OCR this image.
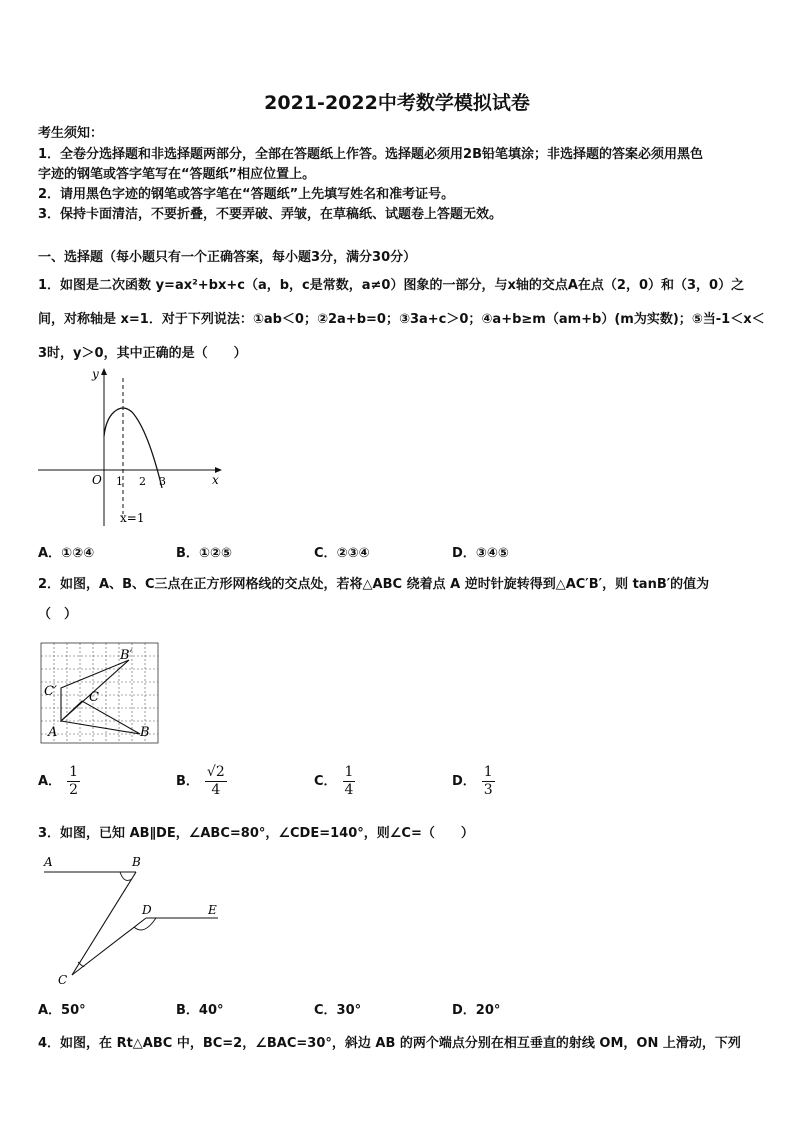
2021-2022中考数学模拟试卷
考生须知：
1．全卷分选择题和非选择题两部分，全部在答题纸上作答。选择题必须用2B铅笔填涂；非选择题的答案必须用黑色
字迹的钢笔或答字笔写在“答题纸”相应位置上。
2．请用黑色字迹的钢笔或答字笔在“答题纸”上先填写姓名和准考证号。
3．保持卡面清洁，不要折叠，不要弄破、弄皱，在草稿纸、试题卷上答题无效。
一、选择题（每小题只有一个正确答案，每小题3分，满分30分）
1．如图是二次函数 y=ax²+bx+c（a，b，c是常数，a≠0）图象的一部分，与x轴的交点A在点（2，0）和（3，0）之
间，对称轴是 x=1．对于下列说法：①ab＜0；②2a+b=0；③3a+c＞0；④a+b≥m（am+b）(m为实数)；⑤当-1＜x＜
3时，y＞0，其中正确的是（　　）
y
x
O 1 2 3
x=1
A．①②④	B．①②⑤	C．②③④	D．③④⑤
2．如图，A、B、C三点在正方形网格线的交点处，若将△ABC 绕着点 A 逆时针旋转得到△AC′B′，则 tanB′的值为
（　）
B′
C′ C
A	B
A． $\frac{1}{2}$	B． $\frac{√2}{4}$	C． $\frac{1}{4}$	D． $\frac{1}{3}$
3．如图，已知 AB∥DE，∠ABC=80°，∠CDE=140°，则∠C=（　　）
A	B
C
D	E
A．50°	B．40°	C．30°	D．20°
4．如图，在 Rt△ABC 中，BC=2，∠BAC=30°，斜边 AB 的两个端点分别在相互垂直的射线 OM，ON 上滑动，下列
